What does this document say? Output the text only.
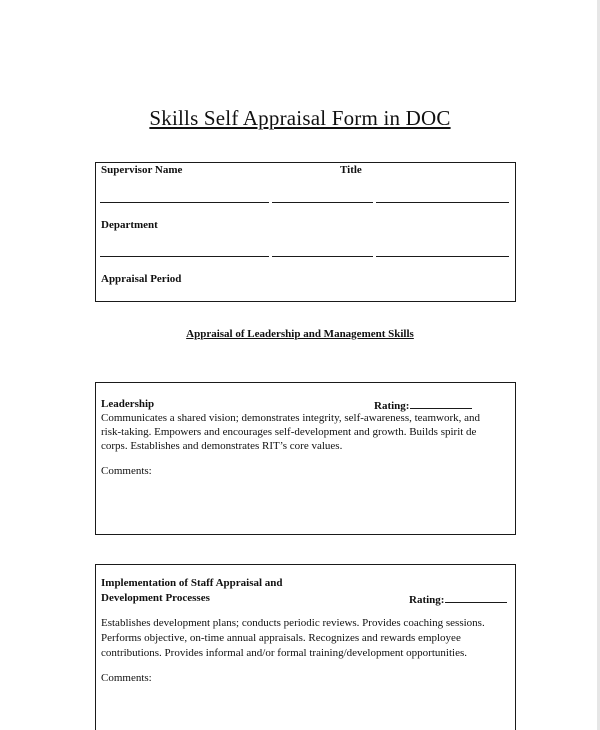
Skills Self Appraisal Form in DOC
Supervisor Name	Title
Department
Appraisal Period
Appraisal of Leadership and Management Skills
Leadership	Rating:
Communicates a shared vision; demonstrates integrity, self-awareness, teamwork, and
risk-taking. Empowers and encourages self-development and growth. Builds spirit de
corps. Establishes and demonstrates RIT’s core values.
Comments:
Implementation of Staff Appraisal and
Development Processes	Rating:
Establishes development plans; conducts periodic reviews. Provides coaching sessions.
Performs objective, on-time annual appraisals. Recognizes and rewards employee
contributions. Provides informal and/or formal training/development opportunities.
Comments:
